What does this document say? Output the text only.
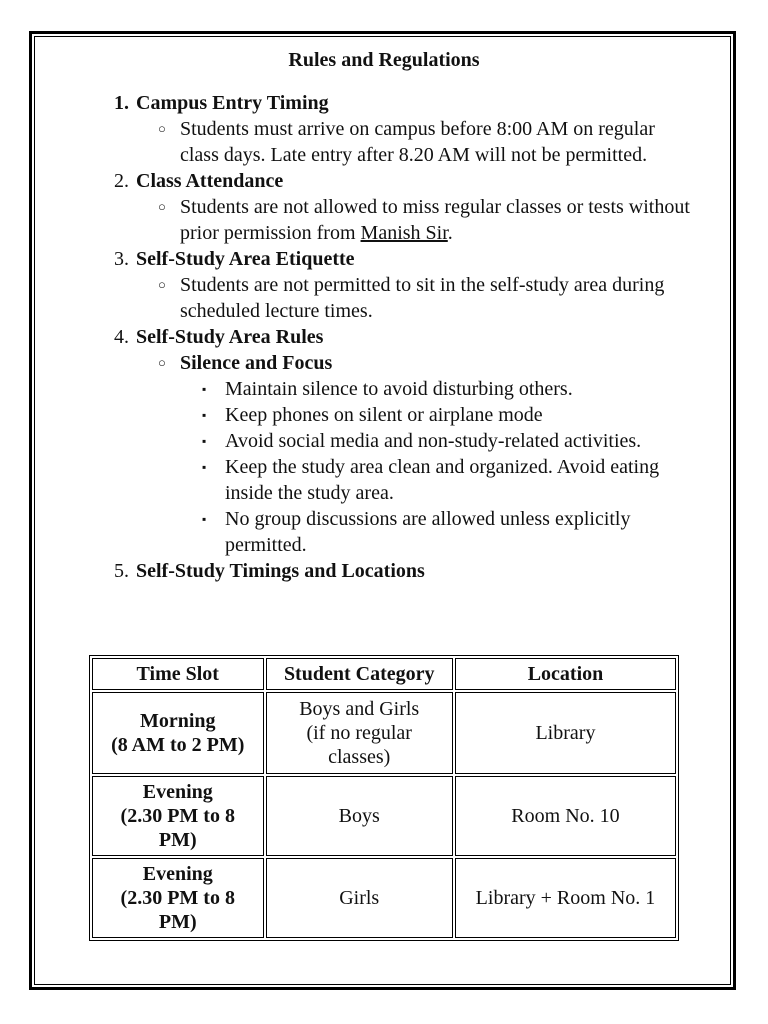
Rules and Regulations
1. Campus Entry Timing
○ Students must arrive on campus before 8:00 AM on regular class days. Late entry after 8.20 AM will not be permitted.
2. Class Attendance
○ Students are not allowed to miss regular classes or tests without prior permission from Manish Sir.
3. Self-Study Area Etiquette
○ Students are not permitted to sit in the self-study area during scheduled lecture times.
4. Self-Study Area Rules
○ Silence and Focus
▪ Maintain silence to avoid disturbing others.
▪ Keep phones on silent or airplane mode
▪ Avoid social media and non-study-related activities.
▪ Keep the study area clean and organized. Avoid eating inside the study area.
▪ No group discussions are allowed unless explicitly permitted.
5. Self-Study Timings and Locations
Time Slot	Student Category	Location
Morning
(8 AM to 2 PM)	Boys and Girls (if no regular classes)	Library
Evening
(2.30 PM to 8 PM)	Boys	Room No. 10
Evening
(2.30 PM to 8 PM)	Girls	Library + Room No. 1
